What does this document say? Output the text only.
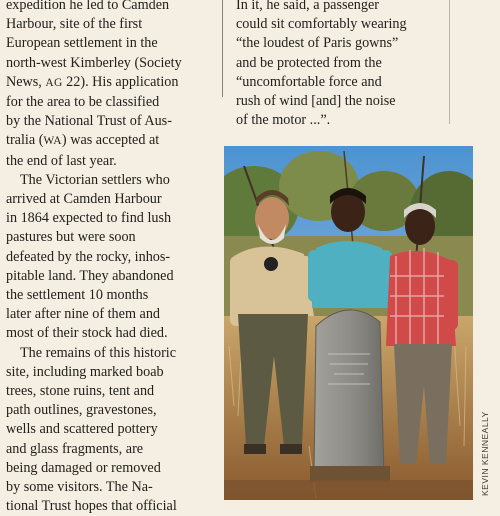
expedition he led to Camden
Harbour, site of the first
European settlement in the
north-west Kimberley (Society
News, AG 22). His application
for the area to be classified
by the National Trust of Aus-
tralia (WA) was accepted at
the end of last year.

The Victorian settlers who
arrived at Camden Harbour
in 1864 expected to find lush
pastures but were soon
defeated by the rocky, inhos-
pitable land. They abandoned
the settlement 10 months
later after nine of them and
most of their stock had died.

The remains of this historic
site, including marked boab
trees, stone ruins, tent and
path outlines, gravestones,
wells and scattered pottery
and glass fragments, are
being damaged or removed
by some visitors. The Na-
tional Trust hopes that official

In it, he said, a passenger
could sit comfortably wearing
“the loudest of Paris gowns”
and be protected from the
“uncomfortable force and
rush of wind [and] the noise
of the motor ...”.
KEVIN KENNEALLY
